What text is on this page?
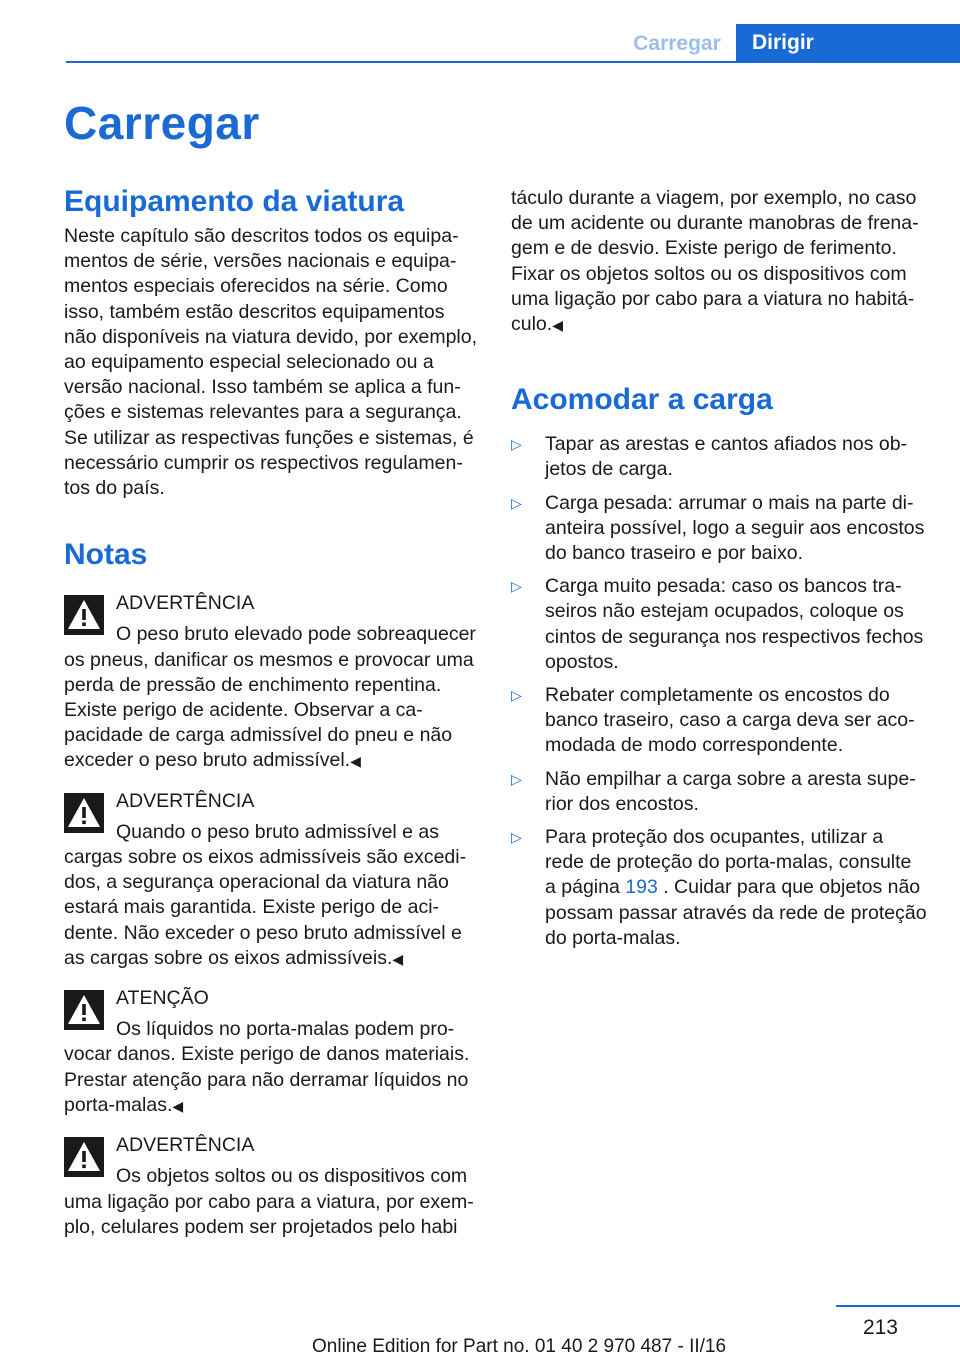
Carregar	Dirigir
Carregar
Equipamento da viatura

Neste capítulo são descritos todos os equipamentos de série, versões nacionais e equipamentos especiais oferecidos na série. Como isso, também estão descritos equipamentos não disponíveis na viatura devido, por exemplo, ao equipamento especial selecionado ou a versão nacional. Isso também se aplica a funções e sistemas relevantes para a segurança. Se utilizar as respectivas funções e sistemas, é necessário cumprir os respectivos regulamentos do país.

Notas
ADVERTÊNCIA

O peso bruto elevado pode sobreaquecer os pneus, danificar os mesmos e provocar uma perda de pressão de enchimento repentina. Existe perigo de acidente. Observar a capacidade de carga admissível do pneu e não exceder o peso bruto admissível.◀

ADVERTÊNCIA

Quando o peso bruto admissível e as cargas sobre os eixos admissíveis são excedidos, a segurança operacional da viatura não estará mais garantida. Existe perigo de acidente. Não exceder o peso bruto admissível e as cargas sobre os eixos admissíveis.◀

ATENÇÃO

Os líquidos no porta-malas podem provocar danos. Existe perigo de danos materiais. Prestar atenção para não derramar líquidos no porta-malas.◀

ADVERTÊNCIA

Os objetos soltos ou os dispositivos com uma ligação por cabo para a viatura, por exemplo, celulares podem ser projetados pelo habi

táculo durante a viagem, por exemplo, no caso de um acidente ou durante manobras de frenagem e de desvio. Existe perigo de ferimento. Fixar os objetos soltos ou os dispositivos com uma ligação por cabo para a viatura no habitáculo.◀

Acomodar a carga
▷ Tapar as arestas e cantos afiados nos objetos de carga.
▷ Carga pesada: arrumar o mais na parte dianteira possível, logo a seguir aos encostos do banco traseiro e por baixo.
▷ Carga muito pesada: caso os bancos traseiros não estejam ocupados, coloque os cintos de segurança nos respectivos fechos opostos.
▷ Rebater completamente os encostos do banco traseiro, caso a carga deva ser acomodada de modo correspondente.
▷ Não empilhar a carga sobre a aresta superior dos encostos.
▷ Para proteção dos ocupantes, utilizar a rede de proteção do porta-malas, consulte a página 193 . Cuidar para que objetos não possam passar através da rede de proteção do porta-malas.
213
Online Edition for Part no. 01 40 2 970 487 - II/16
